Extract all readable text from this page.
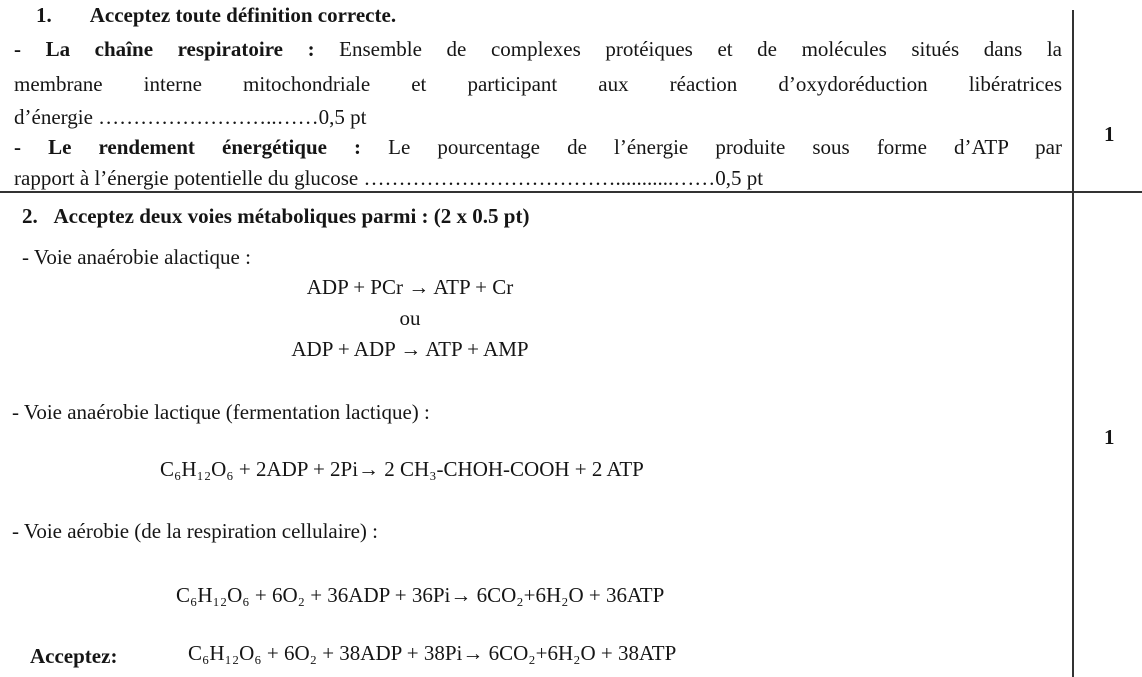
1. Acceptez toute définition correcte.
- La chaîne respiratoire : Ensemble de complexes protéiques et de molécules situés dans la
membrane interne mitochondriale et participant aux réaction d’oxydoréduction libératrices
d’énergie ……………………..……0,5 pt
- Le rendement énergétique : Le pourcentage de l’énergie produite sous forme d’ATP par
rapport à l’énergie potentielle du glucose ………………………………...........……0,5 pt
1
2. Acceptez deux voies métaboliques parmi : (2 x 0.5 pt)
- Voie anaérobie alactique :
ADP + PCr → ATP + Cr
ou
ADP + ADP → ATP + AMP
- Voie anaérobie lactique (fermentation lactique) :
C₆H₁₂O₆ + 2ADP + 2Pi→ 2 CH₃-CHOH-COOH + 2 ATP
- Voie aérobie (de la respiration cellulaire) :
C₆H₁₂O₆ + 6O₂ + 36ADP + 36Pi→ 6CO₂+6H₂O + 36ATP
Acceptez:	C₆H₁₂O₆ + 6O₂ + 38ADP + 38Pi→ 6CO₂+6H₂O + 38ATP
1
